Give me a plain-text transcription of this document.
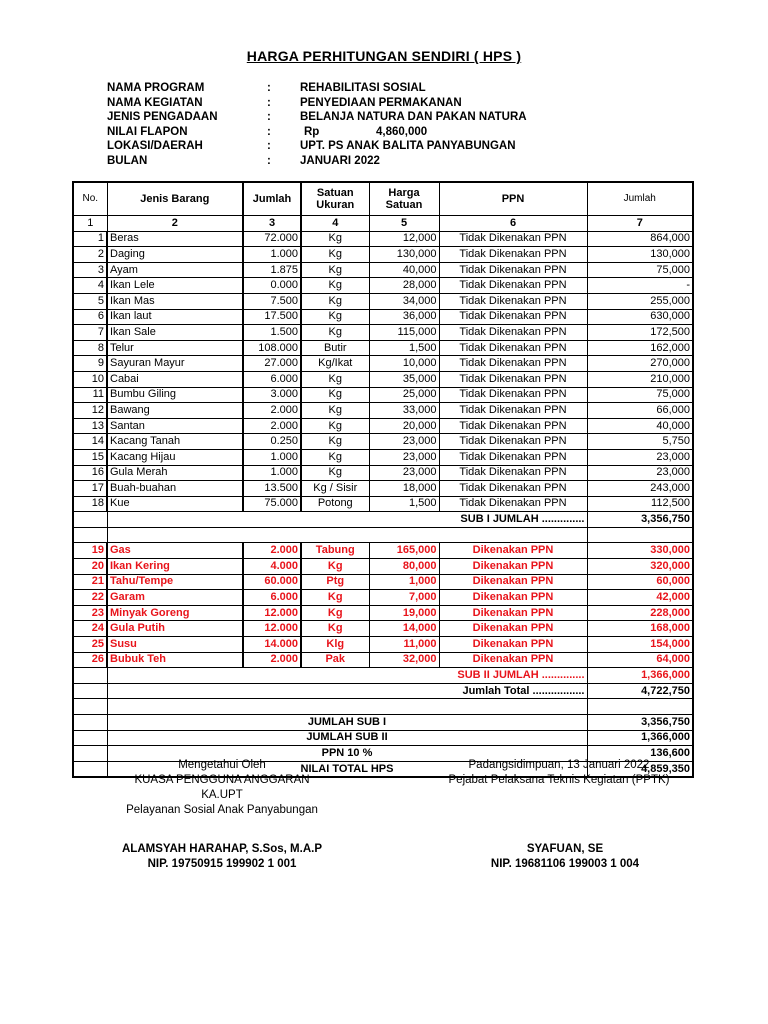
HARGA PERHITUNGAN SENDIRI ( HPS )
NAMA PROGRAM	:	REHABILITASI SOSIAL
NAMA KEGIATAN	:	PENYEDIAAN PERMAKANAN
JENIS PENGADAAN	:	BELANJA NATURA DAN PAKAN NATURA
NILAI FLAPON	:	Rp	4,860,000
LOKASI/DAERAH	:	UPT. PS ANAK BALITA PANYABUNGAN
BULAN	:	JANUARI 2022
No.	Jenis Barang	Jumlah	Satuan Ukuran	Harga Satuan	PPN	Jumlah
1	2	3	4	5	6	7
1	Beras	72.000	Kg	12,000	Tidak Dikenakan PPN	864,000
2	Daging	1.000	Kg	130,000	Tidak Dikenakan PPN	130,000
3	Ayam	1.875	Kg	40,000	Tidak Dikenakan PPN	75,000
4	Ikan Lele	0.000	Kg	28,000	Tidak Dikenakan PPN	-
5	Ikan Mas	7.500	Kg	34,000	Tidak Dikenakan PPN	255,000
6	Ikan laut	17.500	Kg	36,000	Tidak Dikenakan PPN	630,000
7	Ikan Sale	1.500	Kg	115,000	Tidak Dikenakan PPN	172,500
8	Telur	108.000	Butir	1,500	Tidak Dikenakan PPN	162,000
9	Sayuran Mayur	27.000	Kg/Ikat	10,000	Tidak Dikenakan PPN	270,000
10	Cabai	6.000	Kg	35,000	Tidak Dikenakan PPN	210,000
11	Bumbu Giling	3.000	Kg	25,000	Tidak Dikenakan PPN	75,000
12	Bawang	2.000	Kg	33,000	Tidak Dikenakan PPN	66,000
13	Santan	2.000	Kg	20,000	Tidak Dikenakan PPN	40,000
14	Kacang Tanah	0.250	Kg	23,000	Tidak Dikenakan PPN	5,750
15	Kacang Hijau	1.000	Kg	23,000	Tidak Dikenakan PPN	23,000
16	Gula Merah	1.000	Kg	23,000	Tidak Dikenakan PPN	23,000
17	Buah-buahan	13.500	Kg / Sisir	18,000	Tidak Dikenakan PPN	243,000
18	Kue	75.000	Potong	1,500	Tidak Dikenakan PPN	112,500
					SUB I JUMLAH ..............	3,356,750

19	Gas	2.000	Tabung	165,000	Dikenakan PPN	330,000
20	Ikan Kering	4.000	Kg	80,000	Dikenakan PPN	320,000
21	Tahu/Tempe	60.000	Ptg	1,000	Dikenakan PPN	60,000
22	Garam	6.000	Kg	7,000	Dikenakan PPN	42,000
23	Minyak Goreng	12.000	Kg	19,000	Dikenakan PPN	228,000
24	Gula Putih	12.000	Kg	14,000	Dikenakan PPN	168,000
25	Susu	14.000	Klg	11,000	Dikenakan PPN	154,000
26	Bubuk Teh	2.000	Pak	32,000	Dikenakan PPN	64,000
					SUB II JUMLAH ..............	1,366,000
					Jumlah Total .................	4,722,750

	JUMLAH SUB I					3,356,750
	JUMLAH SUB II					1,366,000
	PPN 10 %					136,600
	NILAI TOTAL HPS					4,859,350
Mengetahui Oleh
KUASA PENGGUNA ANGGARAN
KA.UPT
Pelayanan Sosial Anak Panyabungan
Padangsidimpuan, 13 Januari 2022
Pejabat Pelaksana Teknis Kegiatan (PPTK)
ALAMSYAH HARAHAP, S.Sos, M.A.P
NIP. 19750915 199902 1 001
SYAFUAN, SE
NIP. 19681106 199003 1 004
